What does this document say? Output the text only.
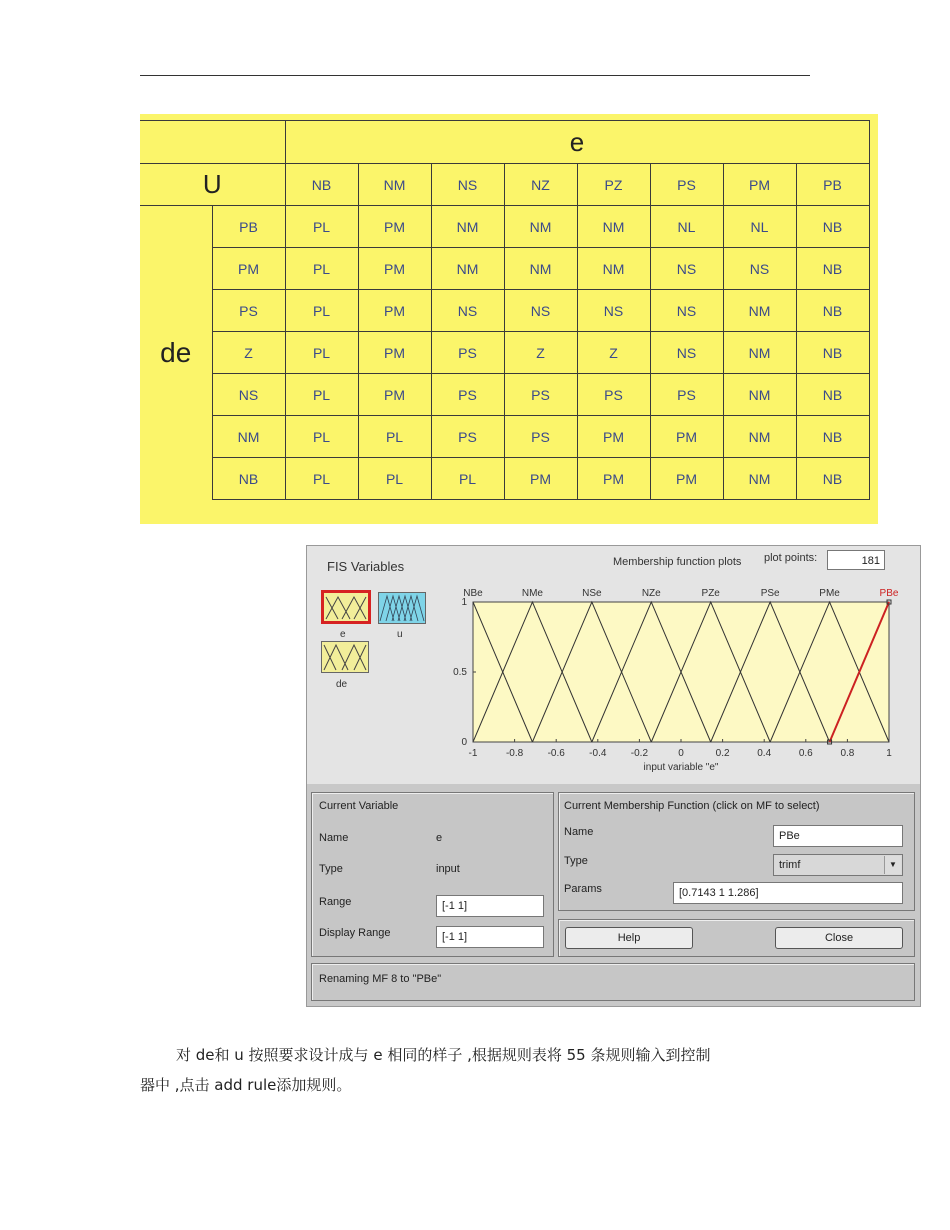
		e							
U		NB	NM	NS	NZ	PZ	PS	PM	PB
de	PB	PL	PM	NM	NM	NM	NL	NL	NB
	PM	PL	PM	NM	NM	NM	NS	NS	NB
	PS	PL	PM	NS	NS	NS	NS	NM	NB
	Z	PL	PM	PS	Z	Z	NS	NM	NB
	NS	PL	PM	PS	PS	PS	PS	NM	NB
	NM	PL	PL	PS	PS	PM	PM	NM	NB
	NB	PL	PL	PL	PM	PM	PM	NM	NB
FIS Variables
e	u
de
Membership function plots plot points:	181
NBe	NMe	NSe	NZe	PZe	PSe	PMe	PBe
-1	-0.8 -0.6 -0.4 -0.2	0	0.2	0.4	0.6	0.8	1
0
0.5
1
input variable "e"
Current Variable
Name	e
Type	input
Range	[-1 1]
Display Range	[-1 1]
Current Membership Function (click on MF to select)
Name	PBe
Type	trimf	▼
Params	[0.7143 1 1.286]
Help	Close
Renaming MF 8 to "PBe"
对 de和 u 按照要求设计成与 e 相同的样子 ,根据规则表将 55 条规则输入到控制
器中 ,点击 add rule添加规则。
